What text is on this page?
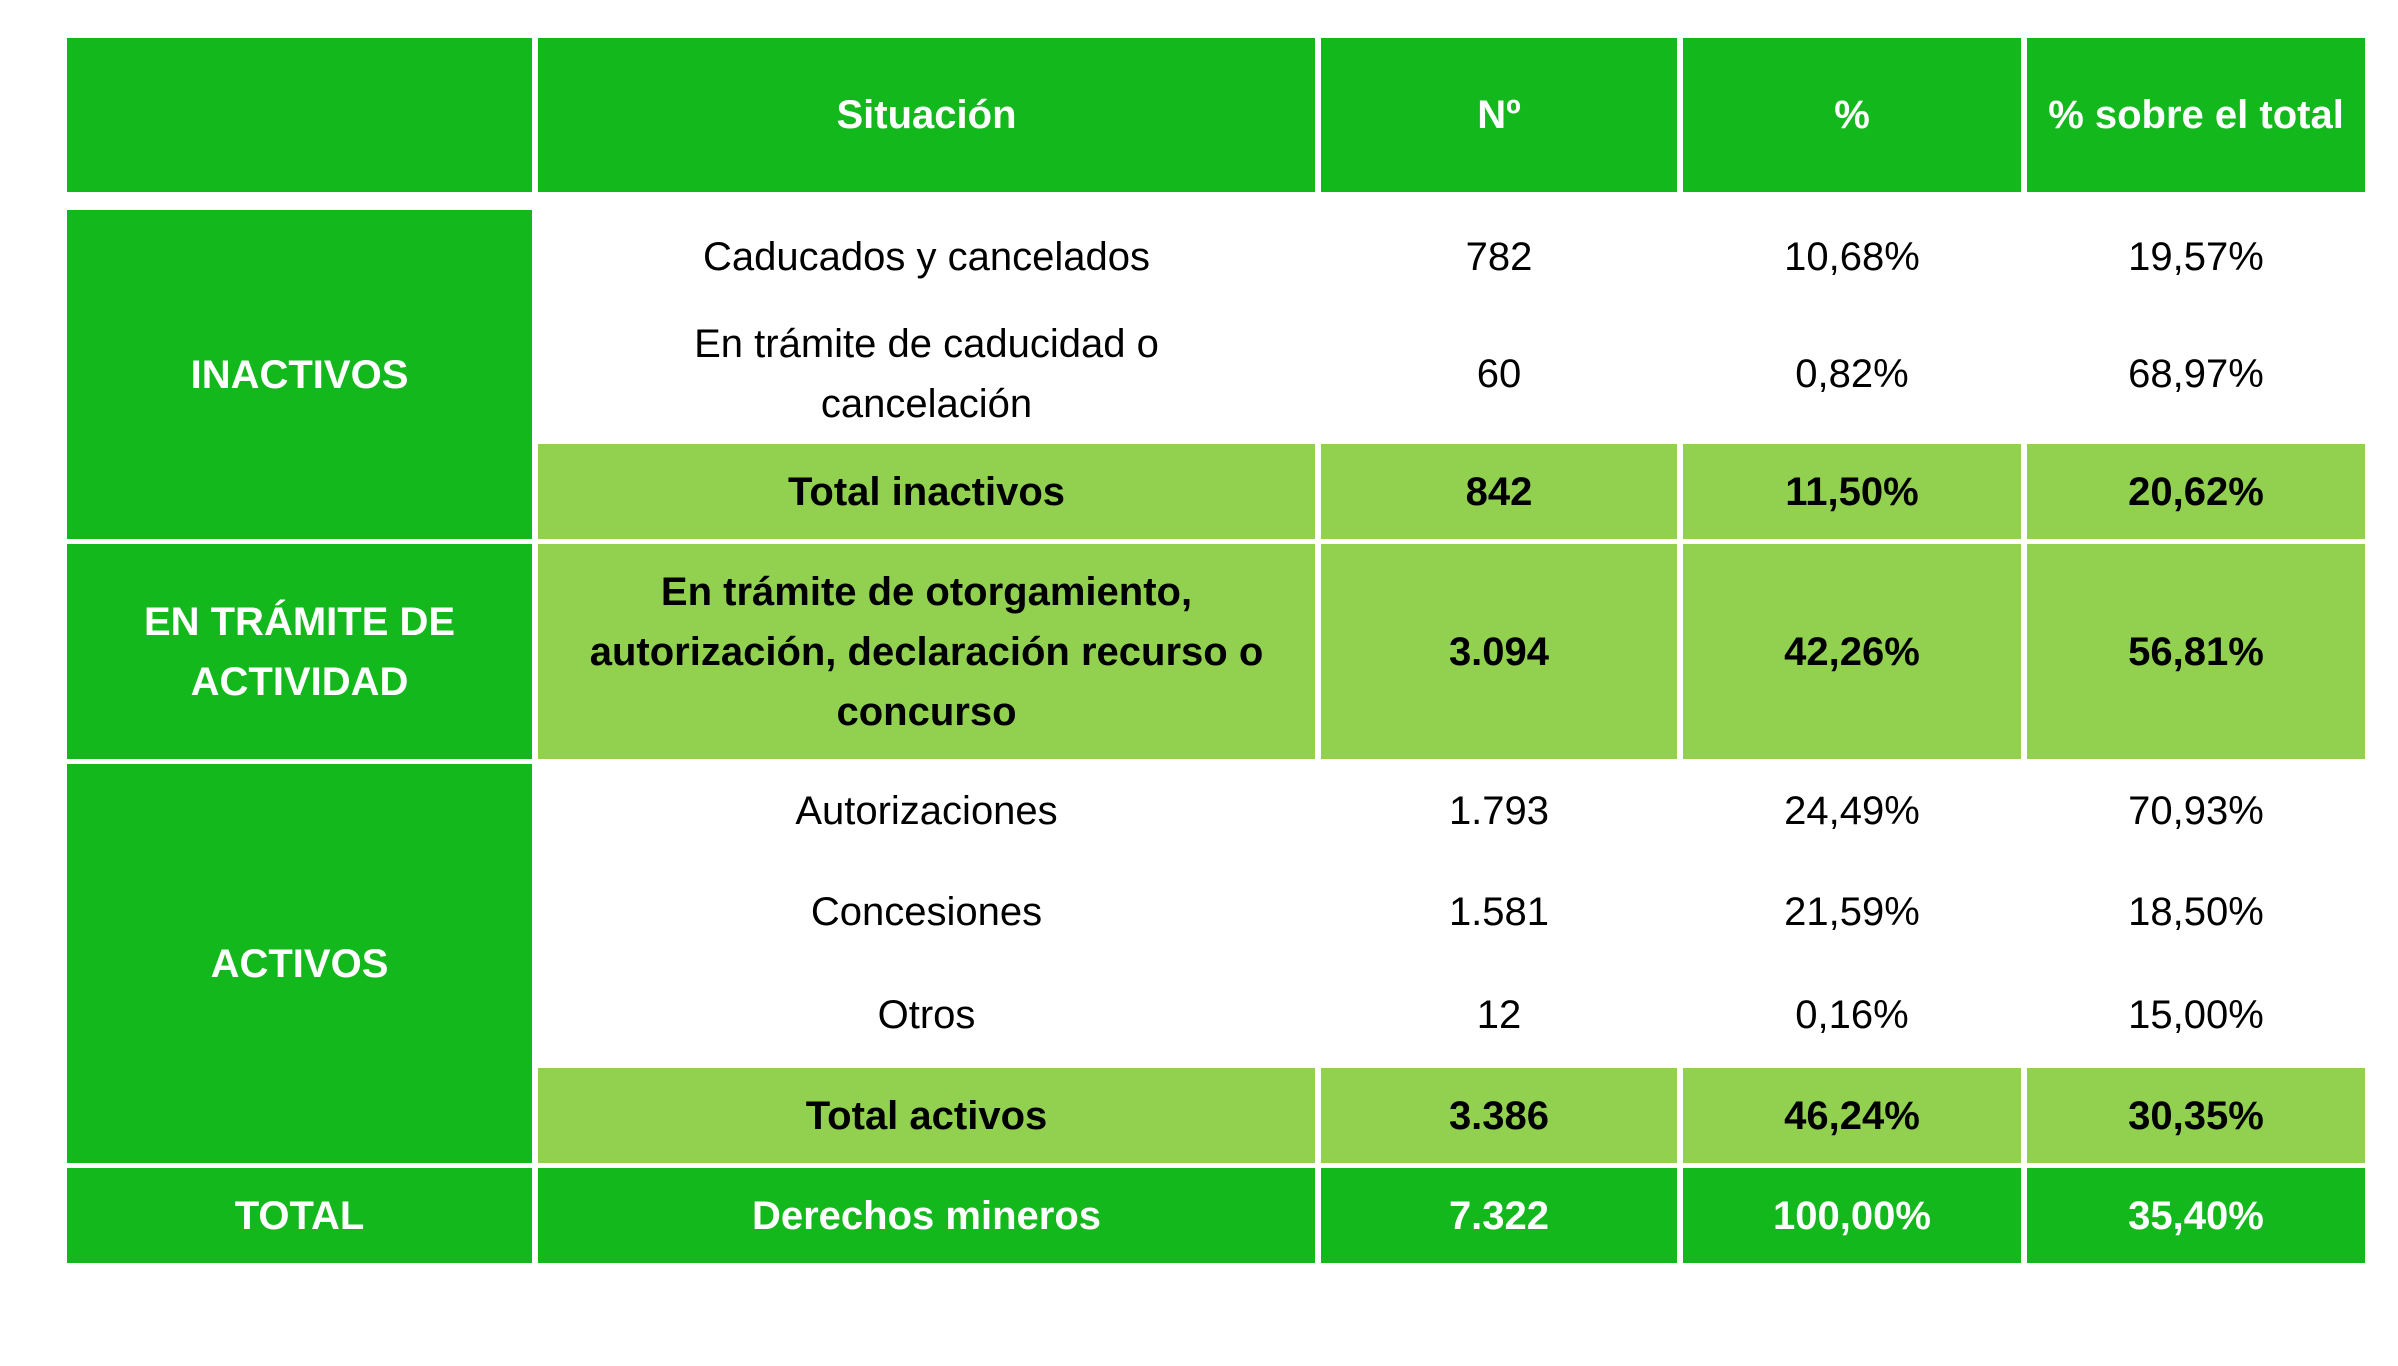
	Situación	Nº	%	% sobre el total

INACTIVOS	Caducados y cancelados	782	10,68%	19,57%
	En trámite de caducidad o cancelación	60	0,82%	68,97%
	Total inactivos	842	11,50%	20,62%
EN TRÁMITE DE ACTIVIDAD	En trámite de otorgamiento, autorización, declaración recurso o concurso	3.094	42,26%	56,81%
ACTIVOS	Autorizaciones	1.793	24,49%	70,93%
	Concesiones	1.581	21,59%	18,50%
	Otros	12	0,16%	15,00%
	Total activos	3.386	46,24%	30,35%
TOTAL	Derechos mineros	7.322	100,00%	35,40%
